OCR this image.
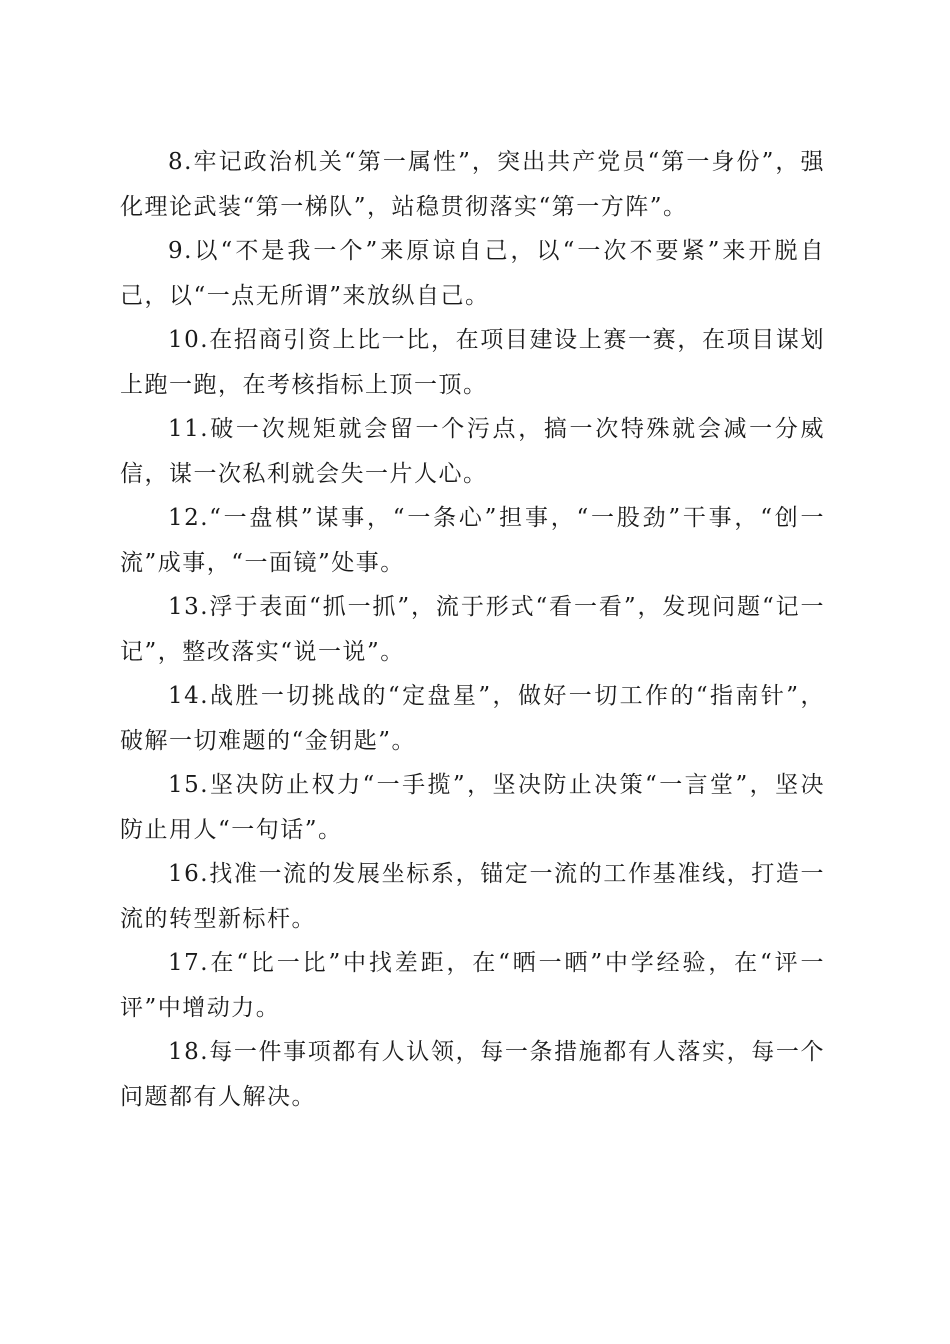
8.牢记政治机关“第一属性”，突出共产党员“第一身份”，强化理论武装“第一梯队”，站稳贯彻落实“第一方阵”。

9.以“不是我一个”来原谅自己，以“一次不要紧”来开脱自己，以“一点无所谓”来放纵自己。

10.在招商引资上比一比，在项目建设上赛一赛，在项目谋划上跑一跑，在考核指标上顶一顶。

11.破一次规矩就会留一个污点，搞一次特殊就会减一分威信，谋一次私利就会失一片人心。

12.“一盘棋”谋事，“一条心”担事，“一股劲”干事，“创一流”成事，“一面镜”处事。

13.浮于表面“抓一抓”，流于形式“看一看”，发现问题“记一记”，整改落实“说一说”。

14.战胜一切挑战的“定盘星”，做好一切工作的“指南针”，破解一切难题的“金钥匙”。

15.坚决防止权力“一手揽”，坚决防止决策“一言堂”，坚决防止用人“一句话”。

16.找准一流的发展坐标系，锚定一流的工作基准线，打造一流的转型新标杆。

17.在“比一比”中找差距，在“晒一晒”中学经验，在“评一评”中增动力。

18.每一件事项都有人认领，每一条措施都有人落实，每一个问题都有人解决。
